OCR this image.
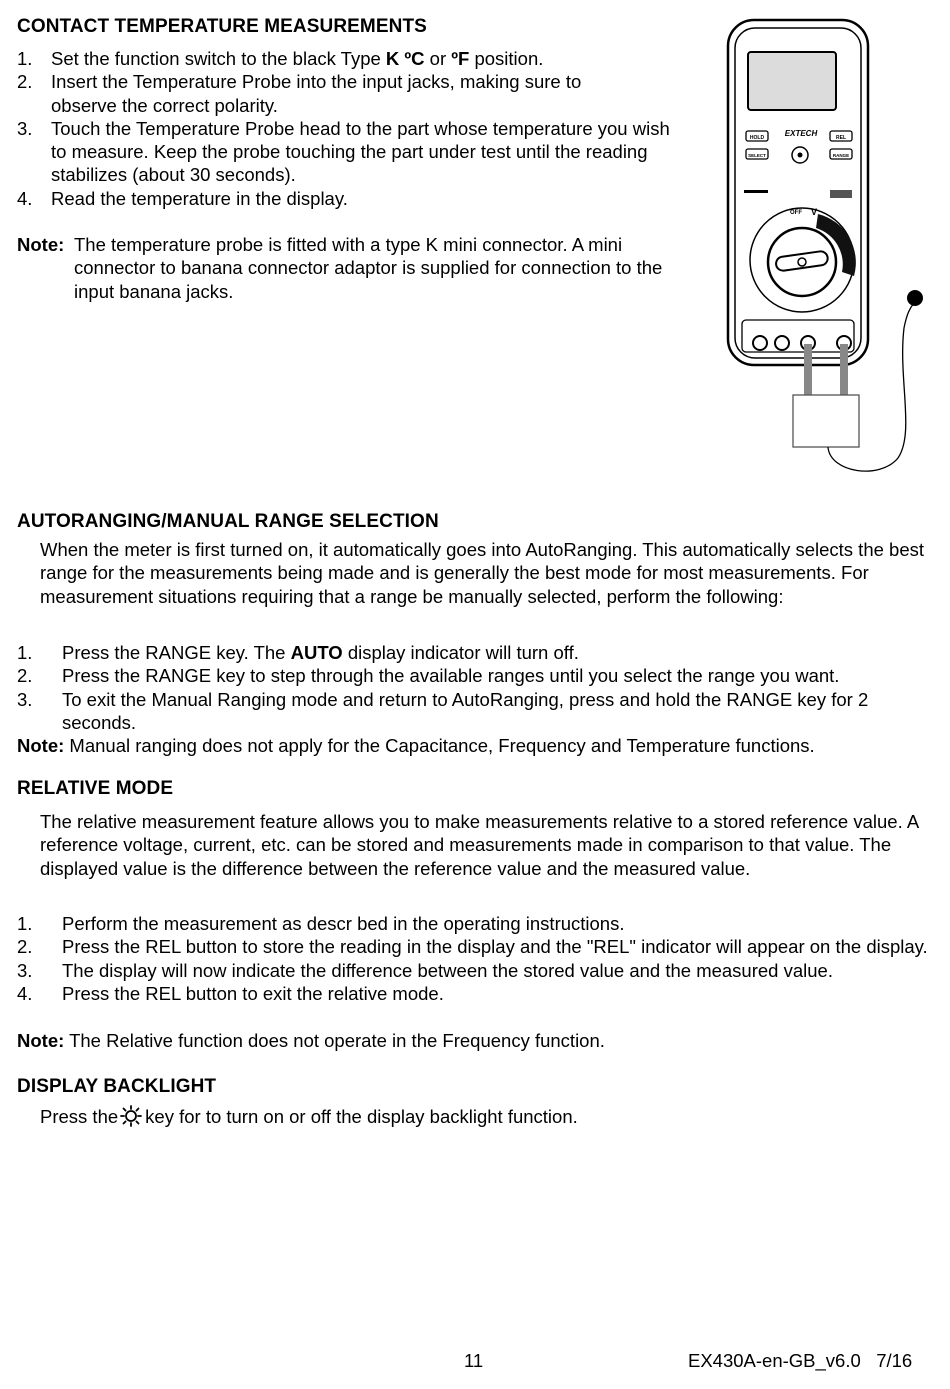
CONTACT TEMPERATURE MEASUREMENTS
1. Set the function switch to the black Type K ºC or ºF position.
2. Insert the Temperature Probe into the input jacks, making sure to observe the correct polarity.
3. Touch the Temperature Probe head to the part whose temperature you wish to measure. Keep the probe touching the part under test until the reading stabilizes (about 30 seconds).
4. Read the temperature in the display.
Note: The temperature probe is fitted with a type K mini connector. A mini connector to banana connector adaptor is supplied for connection to the input banana jacks.
HOLD	EXTECH	REL
SELECT	RANGE
OFF V
AUTORANGING/MANUAL RANGE SELECTION

When the meter is first turned on, it automatically goes into AutoRanging. This automatically selects the best range for the measurements being made and is generally the best mode for most measurements. For measurement situations requiring that a range be manually selected, perform the following:

1. Press the RANGE key. The AUTO display indicator will turn off.
2. Press the RANGE key to step through the available ranges until you select the range you want.
3. To exit the Manual Ranging mode and return to AutoRanging, press and hold the RANGE key for 2 seconds.
Note: Manual ranging does not apply for the Capacitance, Frequency and Temperature functions.
RELATIVE MODE

The relative measurement feature allows you to make measurements relative to a stored reference value. A reference voltage, current, etc. can be stored and measurements made in comparison to that value. The displayed value is the difference between the reference value and the measured value.

1. Perform the measurement as descr bed in the operating instructions.
2. Press the REL button to store the reading in the display and the "REL" indicator will appear on the display.
3. The display will now indicate the difference between the stored value and the measured value.
4. Press the REL button to exit the relative mode.
Note: The Relative function does not operate in the Frequency function.
DISPLAY BACKLIGHT

Press the key for to turn on or off the display backlight function.

11	EX430A-en-GB_v6.0   7/16
